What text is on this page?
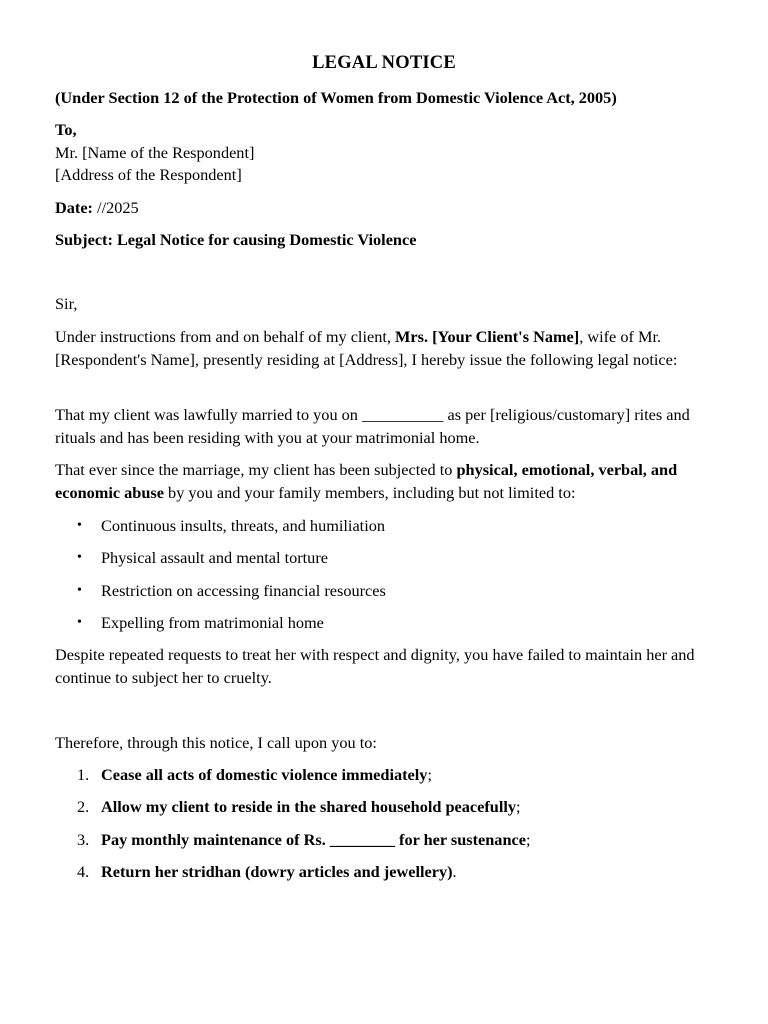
LEGAL NOTICE
(Under Section 12 of the Protection of Women from Domestic Violence Act, 2005)
To,
Mr. [Name of the Respondent]
[Address of the Respondent]
Date: //2025
Subject: Legal Notice for causing Domestic Violence
Sir,
Under instructions from and on behalf of my client, Mrs. [Your Client's Name], wife of Mr. [Respondent's Name], presently residing at [Address], I hereby issue the following legal notice:
That my client was lawfully married to you on __________ as per [religious/customary] rites and rituals and has been residing with you at your matrimonial home.
That ever since the marriage, my client has been subjected to physical, emotional, verbal, and economic abuse by you and your family members, including but not limited to:
• Continuous insults, threats, and humiliation
• Physical assault and mental torture
• Restriction on accessing financial resources
• Expelling from matrimonial home
Despite repeated requests to treat her with respect and dignity, you have failed to maintain her and continue to subject her to cruelty.
Therefore, through this notice, I call upon you to:
1. Cease all acts of domestic violence immediately;
2. Allow my client to reside in the shared household peacefully;
3. Pay monthly maintenance of Rs. ________ for her sustenance;
4. Return her stridhan (dowry articles and jewellery).
